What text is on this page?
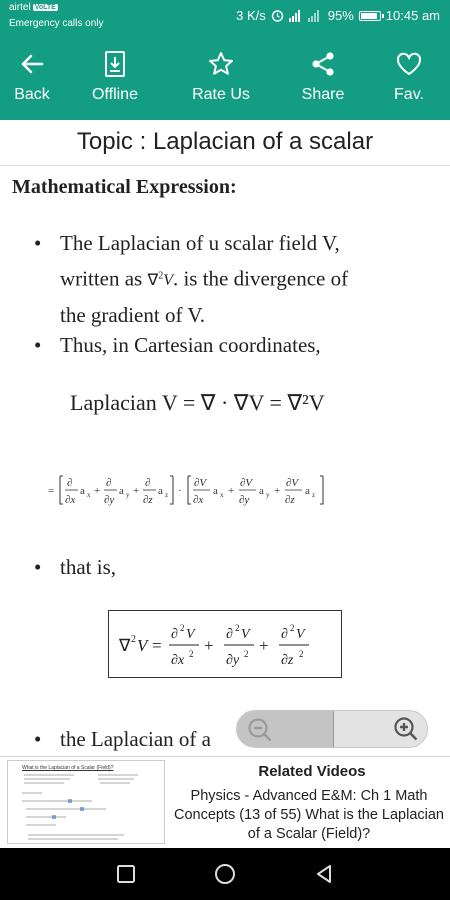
airtel VoLTE
Emergency calls only
3 K/s	95% 10:45 am
Back	Offline	Rate Us	Share	Fav.
Topic : Laplacian of a scalar
Mathematical Expression:
• The Laplacian of u scalar field V,
written as ∇$^2$V. is the divergence of
the gradient of V.
• Thus, in Cartesian coordinates,
Laplacian V = ∇ · ∇V = ∇²V
=
∂
∂x
a x +
∂
∂y
a y +
∂
∂z
a z ·
∂V
∂x
a x +
∂V
∂y
a y +
∂V
∂z
a z
• that is,
∇ 2 V =
∂ 2 V
∂x 2 +
∂ 2 V
∂y 2 +
∂ 2 V
∂z 2
• the Laplacian of a
What is the Laplacian of a Scalar (Field)?	Related Videos
Physics - Advanced E&M: Ch 1 Math Concepts (13 of 55) What is the Laplacian of a Scalar (Field)?
